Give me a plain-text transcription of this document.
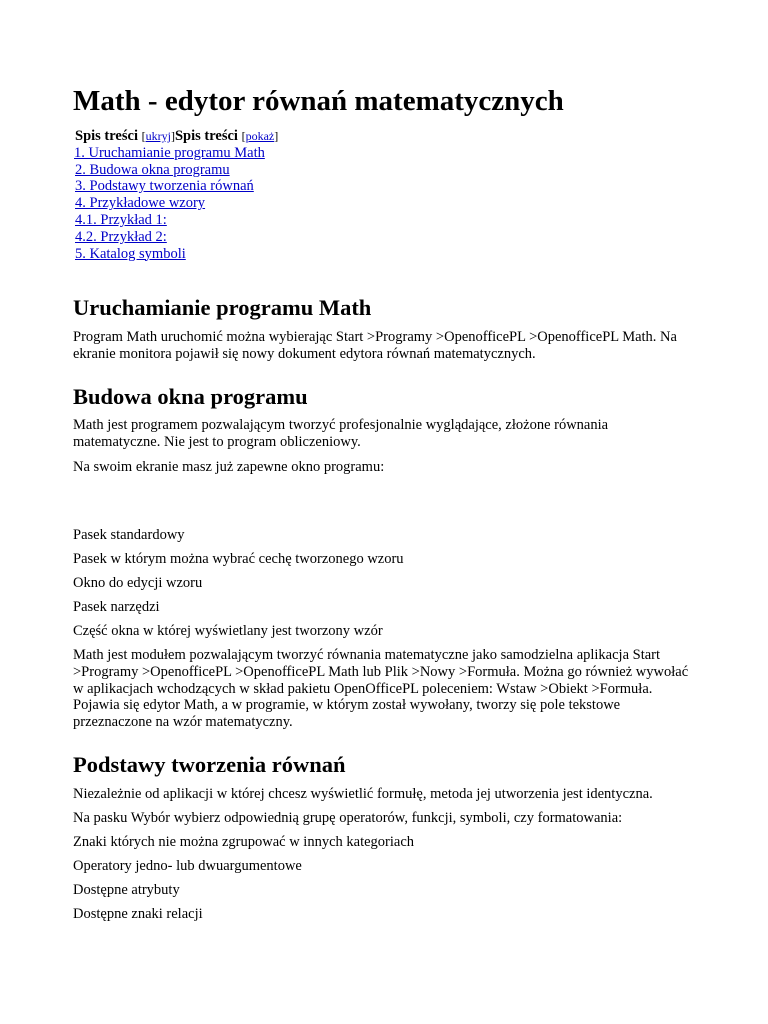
Math - edytor równań matematycznych
Spis treści [ukryj]Spis treści [pokaż]
1. Uruchamianie programu Math
2. Budowa okna programu
3. Podstawy tworzenia równań
4. Przykładowe wzory
4.1. Przykład 1:
4.2. Przykład 2:
5. Katalog symboli
Uruchamianie programu Math

Program Math uruchomić można wybierając Start >Programy >OpenofficePL >OpenofficePL Math. Na ekranie monitora pojawił się nowy dokument edytora równań matematycznych.

Budowa okna programu

Math jest programem pozwalającym tworzyć profesjonalnie wyglądające, złożone równania matematyczne. Nie jest to program obliczeniowy.

Na swoim ekranie masz już zapewne okno programu:

Pasek standardowy

Pasek w którym można wybrać cechę tworzonego wzoru

Okno do edycji wzoru

Pasek narzędzi

Część okna w której wyświetlany jest tworzony wzór

Math jest modułem pozwalającym tworzyć równania matematyczne jako samodzielna aplikacja Start >Programy >OpenofficePL >OpenofficePL Math lub Plik >Nowy >Formuła. Można go również wywołać w aplikacjach wchodzących w skład pakietu OpenOfficePL poleceniem: Wstaw >Obiekt >Formuła. Pojawia się edytor Math, a w programie, w którym został wywołany, tworzy się pole tekstowe przeznaczone na wzór matematyczny.

Podstawy tworzenia równań

Niezależnie od aplikacji w której chcesz wyświetlić formułę, metoda jej utworzenia jest identyczna.

Na pasku Wybór wybierz odpowiednią grupę operatorów, funkcji, symboli, czy formatowania:

Znaki których nie można zgrupować w innych kategoriach

Operatory jedno- lub dwuargumentowe

Dostępne atrybuty

Dostępne znaki relacji
